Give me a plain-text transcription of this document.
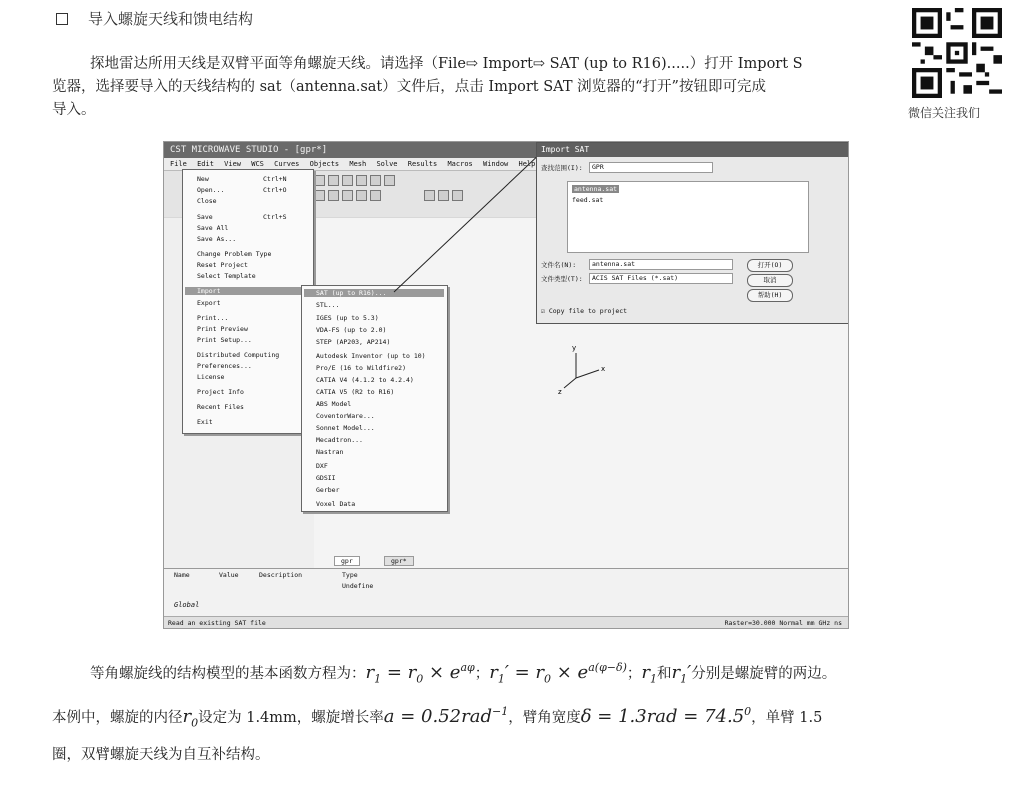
导入螺旋天线和馈电结构
探地雷达所用天线是双臂平面等角螺旋天线。请选择（File⇨ Import⇨ SAT (up to R16).....）打开 Import S
览器，选择要导入的天线结构的 sat（antenna.sat）文件后，点击 Import SAT 浏览器的“打开”按钮即可完成
导入。	微信关注我们
CST MICROWAVE STUDIO - [gpr*]
File Edit View WCS Curves Objects Mesh Solve Results Macros Window Help
y
x
z
New	Ctrl+N
Open...	Ctrl+O
Close
Save	Ctrl+S
Save All
Save As...
Change Problem Type
Reset Project
Select Template
Import
Export
Print...
Print Preview
Print Setup...
Distributed Computing
Preferences...
License
Project Info
Recent Files
Exit
SAT (up to R16)...
STL...
IGES (up to 5.3)
VDA-FS (up to 2.0)
STEP (AP203, AP214)
Autodesk Inventor (up to 10)
Pro/E (16 to Wildfire2)
CATIA V4 (4.1.2 to 4.2.4)
CATIA V5 (R2 to R16)
ABS Model
CoventorWare...
Sonnet Model...
Mecadtron...
Nastran
DXF
GDSII
Gerber
Voxel Data
Import SAT
查找范围(I):	GPR
antenna.sat
feed.sat
文件名(N):	antenna.sat
文件类型(T):	ACIS SAT Files (*.sat)
打开(O)
取消
帮助(H)
☑ Copy file to project
gpr	gpr*
Name	Value	Description	Type
Undefine
Global
Read an existing SAT file	Raster=30.000 Normal mm GHz ns
等角螺旋线的结构模型的基本函数方程为：$r_1 = r_0 \times e^{a\varphi}$；$r_1' = r_0 \times e^{a(\varphi-\delta)}$；$r_1$和$r_1'$分别是螺旋臂的两边。
本例中，螺旋的内径$r_0$设定为 1.4mm，螺旋增长率a = 0.52rad$^{-1}$，臂角宽度$\delta = 1.3rad = 74.5^0$，单臂 1.5
圈，双臂螺旋天线为自互补结构。
